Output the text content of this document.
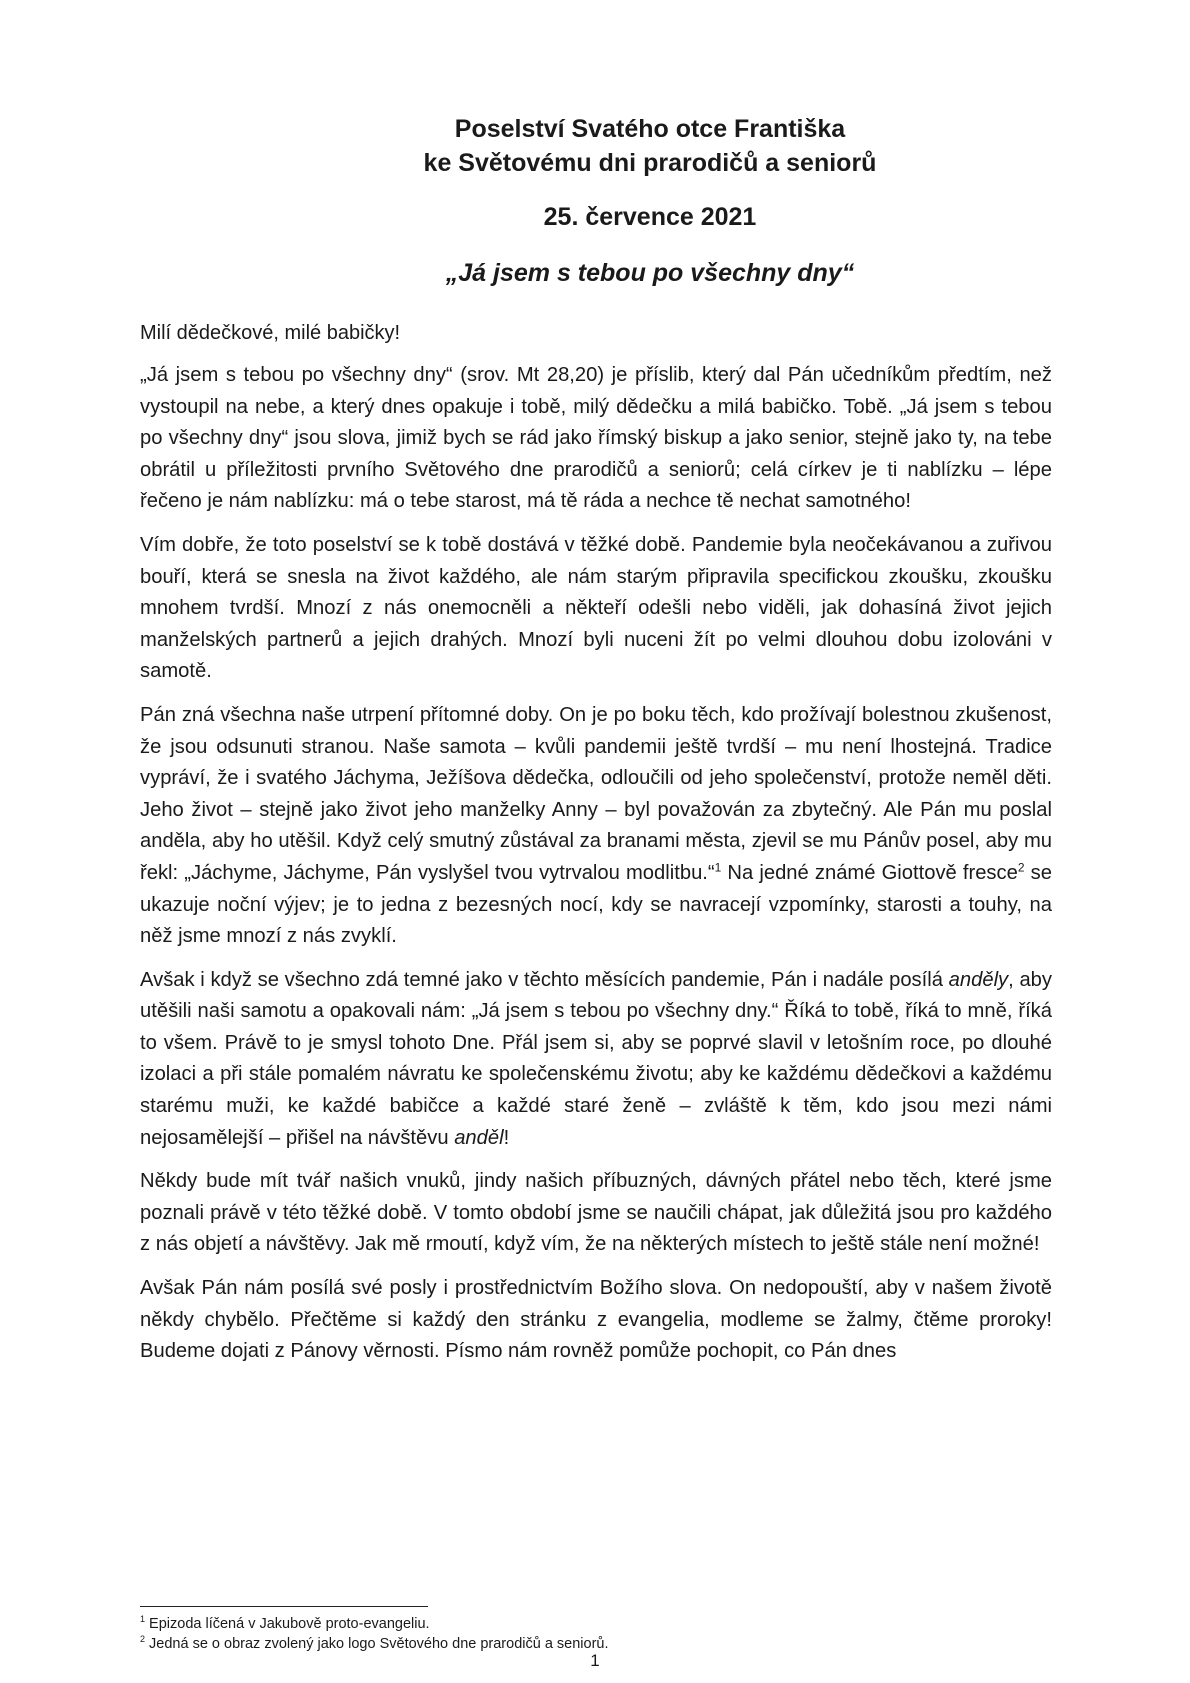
Poselství Svatého otce Františka

ke Světovému dni prarodičů a seniorů

25. července 2021

„Já jsem s tebou po všechny dny“

Milí dědečkové, milé babičky!

„Já jsem s tebou po všechny dny“ (srov. Mt 28,20) je příslib, který dal Pán učedníkům předtím, než vystoupil na nebe, a který dnes opakuje i tobě, milý dědečku a milá babičko. Tobě. „Já jsem s tebou po všechny dny“ jsou slova, jimiž bych se rád jako římský biskup a jako senior, stejně jako ty, na tebe obrátil u příležitosti prvního Světového dne prarodičů a seniorů; celá církev je ti nablízku – lépe řečeno je nám nablízku: má o tebe starost, má tě ráda a nechce tě nechat samotného!

Vím dobře, že toto poselství se k tobě dostává v těžké době. Pandemie byla neočekávanou a zuřivou bouří, která se snesla na život každého, ale nám starým připravila specifickou zkoušku, zkoušku mnohem tvrdší. Mnozí z nás onemocněli a někteří odešli nebo viděli, jak dohasíná život jejich manželských partnerů a jejich drahých. Mnozí byli nuceni žít po velmi dlouhou dobu izolováni v samotě.

Pán zná všechna naše utrpení přítomné doby. On je po boku těch, kdo prožívají bolestnou zkušenost, že jsou odsunuti stranou. Naše samota – kvůli pandemii ještě tvrdší – mu není lhostejná. Tradice vypráví, že i svatého Jáchyma, Ježíšova dědečka, odloučili od jeho společenství, protože neměl děti. Jeho život – stejně jako život jeho manželky Anny – byl považován za zbytečný. Ale Pán mu poslal anděla, aby ho utěšil. Když celý smutný zůstával za branami města, zjevil se mu Pánův posel, aby mu řekl: „Jáchyme, Jáchyme, Pán vyslyšel tvou vytrvalou modlitbu.“$^1$ Na jedné známé Giottově fresce$^2$ se ukazuje noční výjev; je to jedna z bezesných nocí, kdy se navracejí vzpomínky, starosti a touhy, na něž jsme mnozí z nás zvyklí.

Avšak i když se všechno zdá temné jako v těchto měsících pandemie, Pán i nadále posílá anděly, aby utěšili naši samotu a opakovali nám: „Já jsem s tebou po všechny dny.“ Říká to tobě, říká to mně, říká to všem. Právě to je smysl tohoto Dne. Přál jsem si, aby se poprvé slavil v letošním roce, po dlouhé izolaci a při stále pomalém návratu ke společenskému životu; aby ke každému dědečkovi a každému starému muži, ke každé babičce a každé staré ženě – zvláště k těm, kdo jsou mezi námi nejosamělejší – přišel na návštěvu anděl!

Někdy bude mít tvář našich vnuků, jindy našich příbuzných, dávných přátel nebo těch, které jsme poznali právě v této těžké době. V tomto období jsme se naučili chápat, jak důležitá jsou pro každého z nás objetí a návštěvy. Jak mě rmoutí, když vím, že na některých místech to ještě stále není možné!

Avšak Pán nám posílá své posly i prostřednictvím Božího slova. On nedopouští, aby v našem životě někdy chybělo. Přečtěme si každý den stránku z evangelia, modleme se žalmy, čtěme proroky! Budeme dojati z Pánovy věrnosti. Písmo nám rovněž pomůže pochopit, co Pán dnes

$^1$ Epizoda líčená v Jakubově proto-evangeliu.

$^2$ Jedná se o obraz zvolený jako logo Světového dne prarodičů a seniorů.

1
